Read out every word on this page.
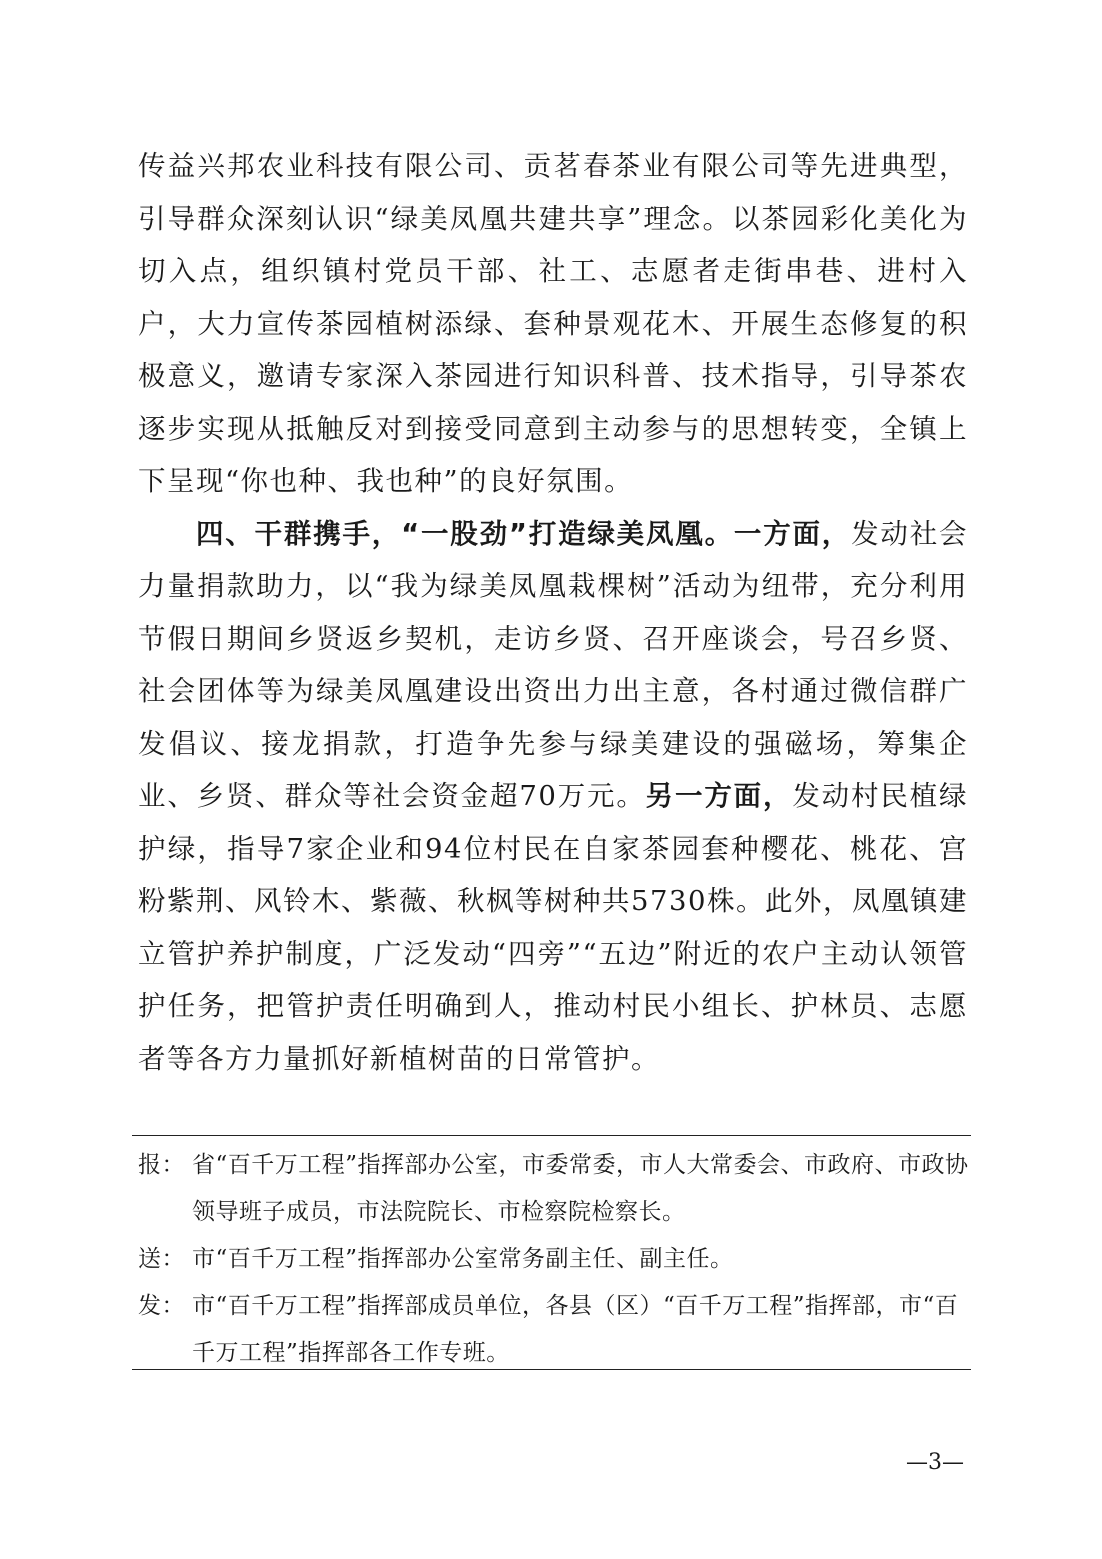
传益兴邦农业科技有限公司、贡茗春茶业有限公司等先进典型，引导群众深刻认识“绿美凤凰共建共享”理念。以茶园彩化美化为切入点，组织镇村党员干部、社工、志愿者走街串巷、进村入户，大力宣传茶园植树添绿、套种景观花木、开展生态修复的积极意义，邀请专家深入茶园进行知识科普、技术指导，引导茶农逐步实现从抵触反对到接受同意到主动参与的思想转变，全镇上下呈现“你也种、我也种”的良好氛围。

四、干群携手，“一股劲”打造绿美凤凰。一方面，发动社会力量捐款助力，以“我为绿美凤凰栽棵树”活动为纽带，充分利用节假日期间乡贤返乡契机，走访乡贤、召开座谈会，号召乡贤、社会团体等为绿美凤凰建设出资出力出主意，各村通过微信群广发倡议、接龙捐款，打造争先参与绿美建设的强磁场，筹集企业、乡贤、群众等社会资金超70万元。另一方面，发动村民植绿护绿，指导7家企业和94位村民在自家茶园套种樱花、桃花、宫粉紫荆、风铃木、紫薇、秋枫等树种共5730株。此外，凤凰镇建立管护养护制度，广泛发动“四旁”“五边”附近的农户主动认领管护任务，把管护责任明确到人，推动村民小组长、护林员、志愿者等各方力量抓好新植树苗的日常管护。

报： 省“百千万工程”指挥部办公室，市委常委，市人大常委会、市政府、市政协领导班子成员，市法院院长、市检察院检察长。
送： 市“百千万工程”指挥部办公室常务副主任、副主任。
发： 市“百千万工程”指挥部成员单位，各县（区）“百千万工程”指挥部，市“百千万工程”指挥部各工作专班。
—3—
